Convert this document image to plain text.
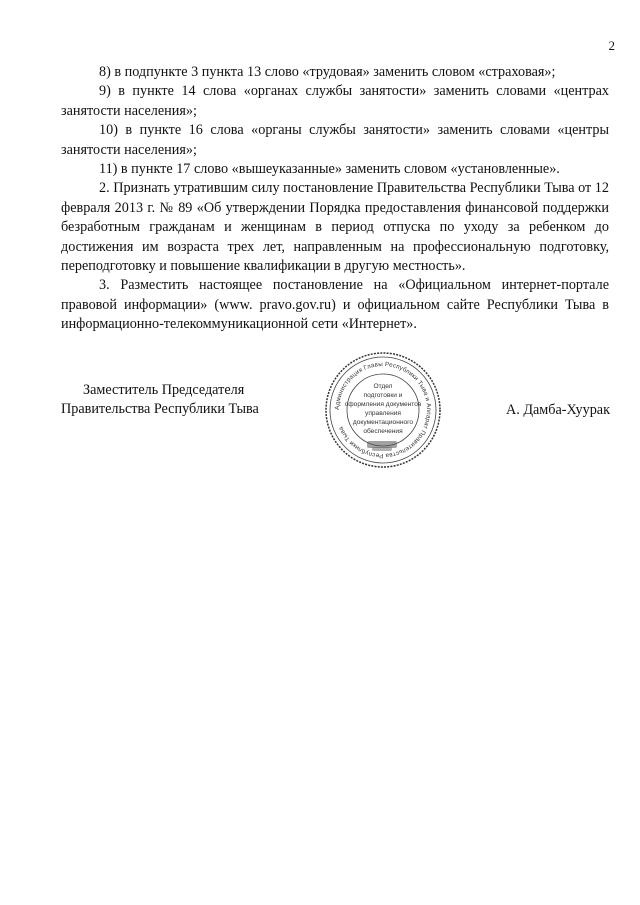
2

8) в подпункте 3 пункта 13 слово «трудовая» заменить словом «страховая»;

9) в пункте 14 слова «органах службы занятости» заменить словами «центрах занятости населения»;

10) в пункте 16 слова «органы службы занятости» заменить словами «центры занятости населения»;

11) в пункте 17 слово «вышеуказанные» заменить словом «установленные».

2. Признать утратившим силу постановление Правительства Республики Тыва от 12 февраля 2013 г. № 89 «Об утверждении Порядка предоставления финансовой поддержки безработным гражданам и женщинам в период отпуска по уходу за ребенком до достижения им возраста трех лет, направленным на профессиональную подготовку, переподготовку и повышение квалификации в другую местность».

3. Разместить настоящее постановление на «Официальном интернет-портале правовой информации» (www. pravo.gov.ru) и официальном сайте Республики Тыва в информационно-телекоммуникационной сети «Интернет».

Заместитель Председателя
Правительства Республики Тыва	А. Дамба-Хуурак
Администрация Главы Республики Тыва и Аппарат Правительства Республики Тыва
Отдел
подготовки и
оформления документов
управления
документационного
обеспечения
